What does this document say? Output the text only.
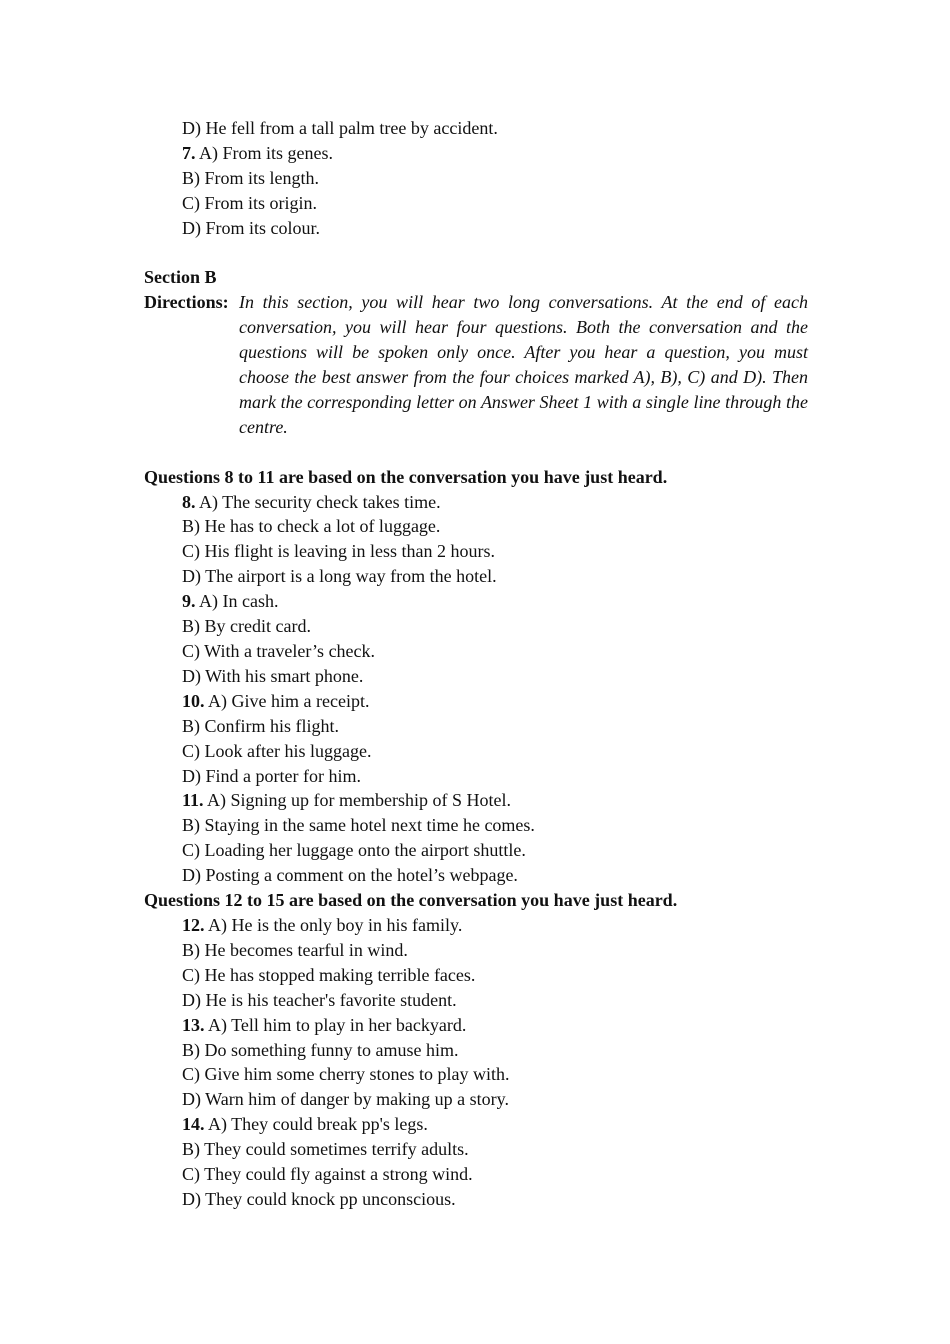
D) He fell from a tall palm tree by accident.
7. A) From its genes.
B) From its length.
C) From its origin.
D) From its colour.
Section B
Directions: In this section, you will hear two long conversations. At the end of each conversation, you will hear four questions. Both the conversation and the questions will be spoken only once. After you hear a question, you must choose the best answer from the four choices marked A), B), C) and D). Then mark the corresponding letter on Answer Sheet 1 with a single line through the centre.
Questions 8 to 11 are based on the conversation you have just heard.
8. A) The security check takes time.
B) He has to check a lot of luggage.
C) His flight is leaving in less than 2 hours.
D) The airport is a long way from the hotel.
9. A) In cash.
B) By credit card.
C) With a traveler’s check.
D) With his smart phone.
10. A) Give him a receipt.
B) Confirm his flight.
C) Look after his luggage.
D) Find a porter for him.
11. A) Signing up for membership of S Hotel.
B) Staying in the same hotel next time he comes.
C) Loading her luggage onto the airport shuttle.
D) Posting a comment on the hotel’s webpage.
Questions 12 to 15 are based on the conversation you have just heard.
12. A) He is the only boy in his family.
B) He becomes tearful in wind.
C) He has stopped making terrible faces.
D) He is his teacher's favorite student.
13. A) Tell him to play in her backyard.
B) Do something funny to amuse him.
C) Give him some cherry stones to play with.
D) Warn him of danger by making up a story.
14. A) They could break pp's legs.
B) They could sometimes terrify adults.
C) They could fly against a strong wind.
D) They could knock pp unconscious.
